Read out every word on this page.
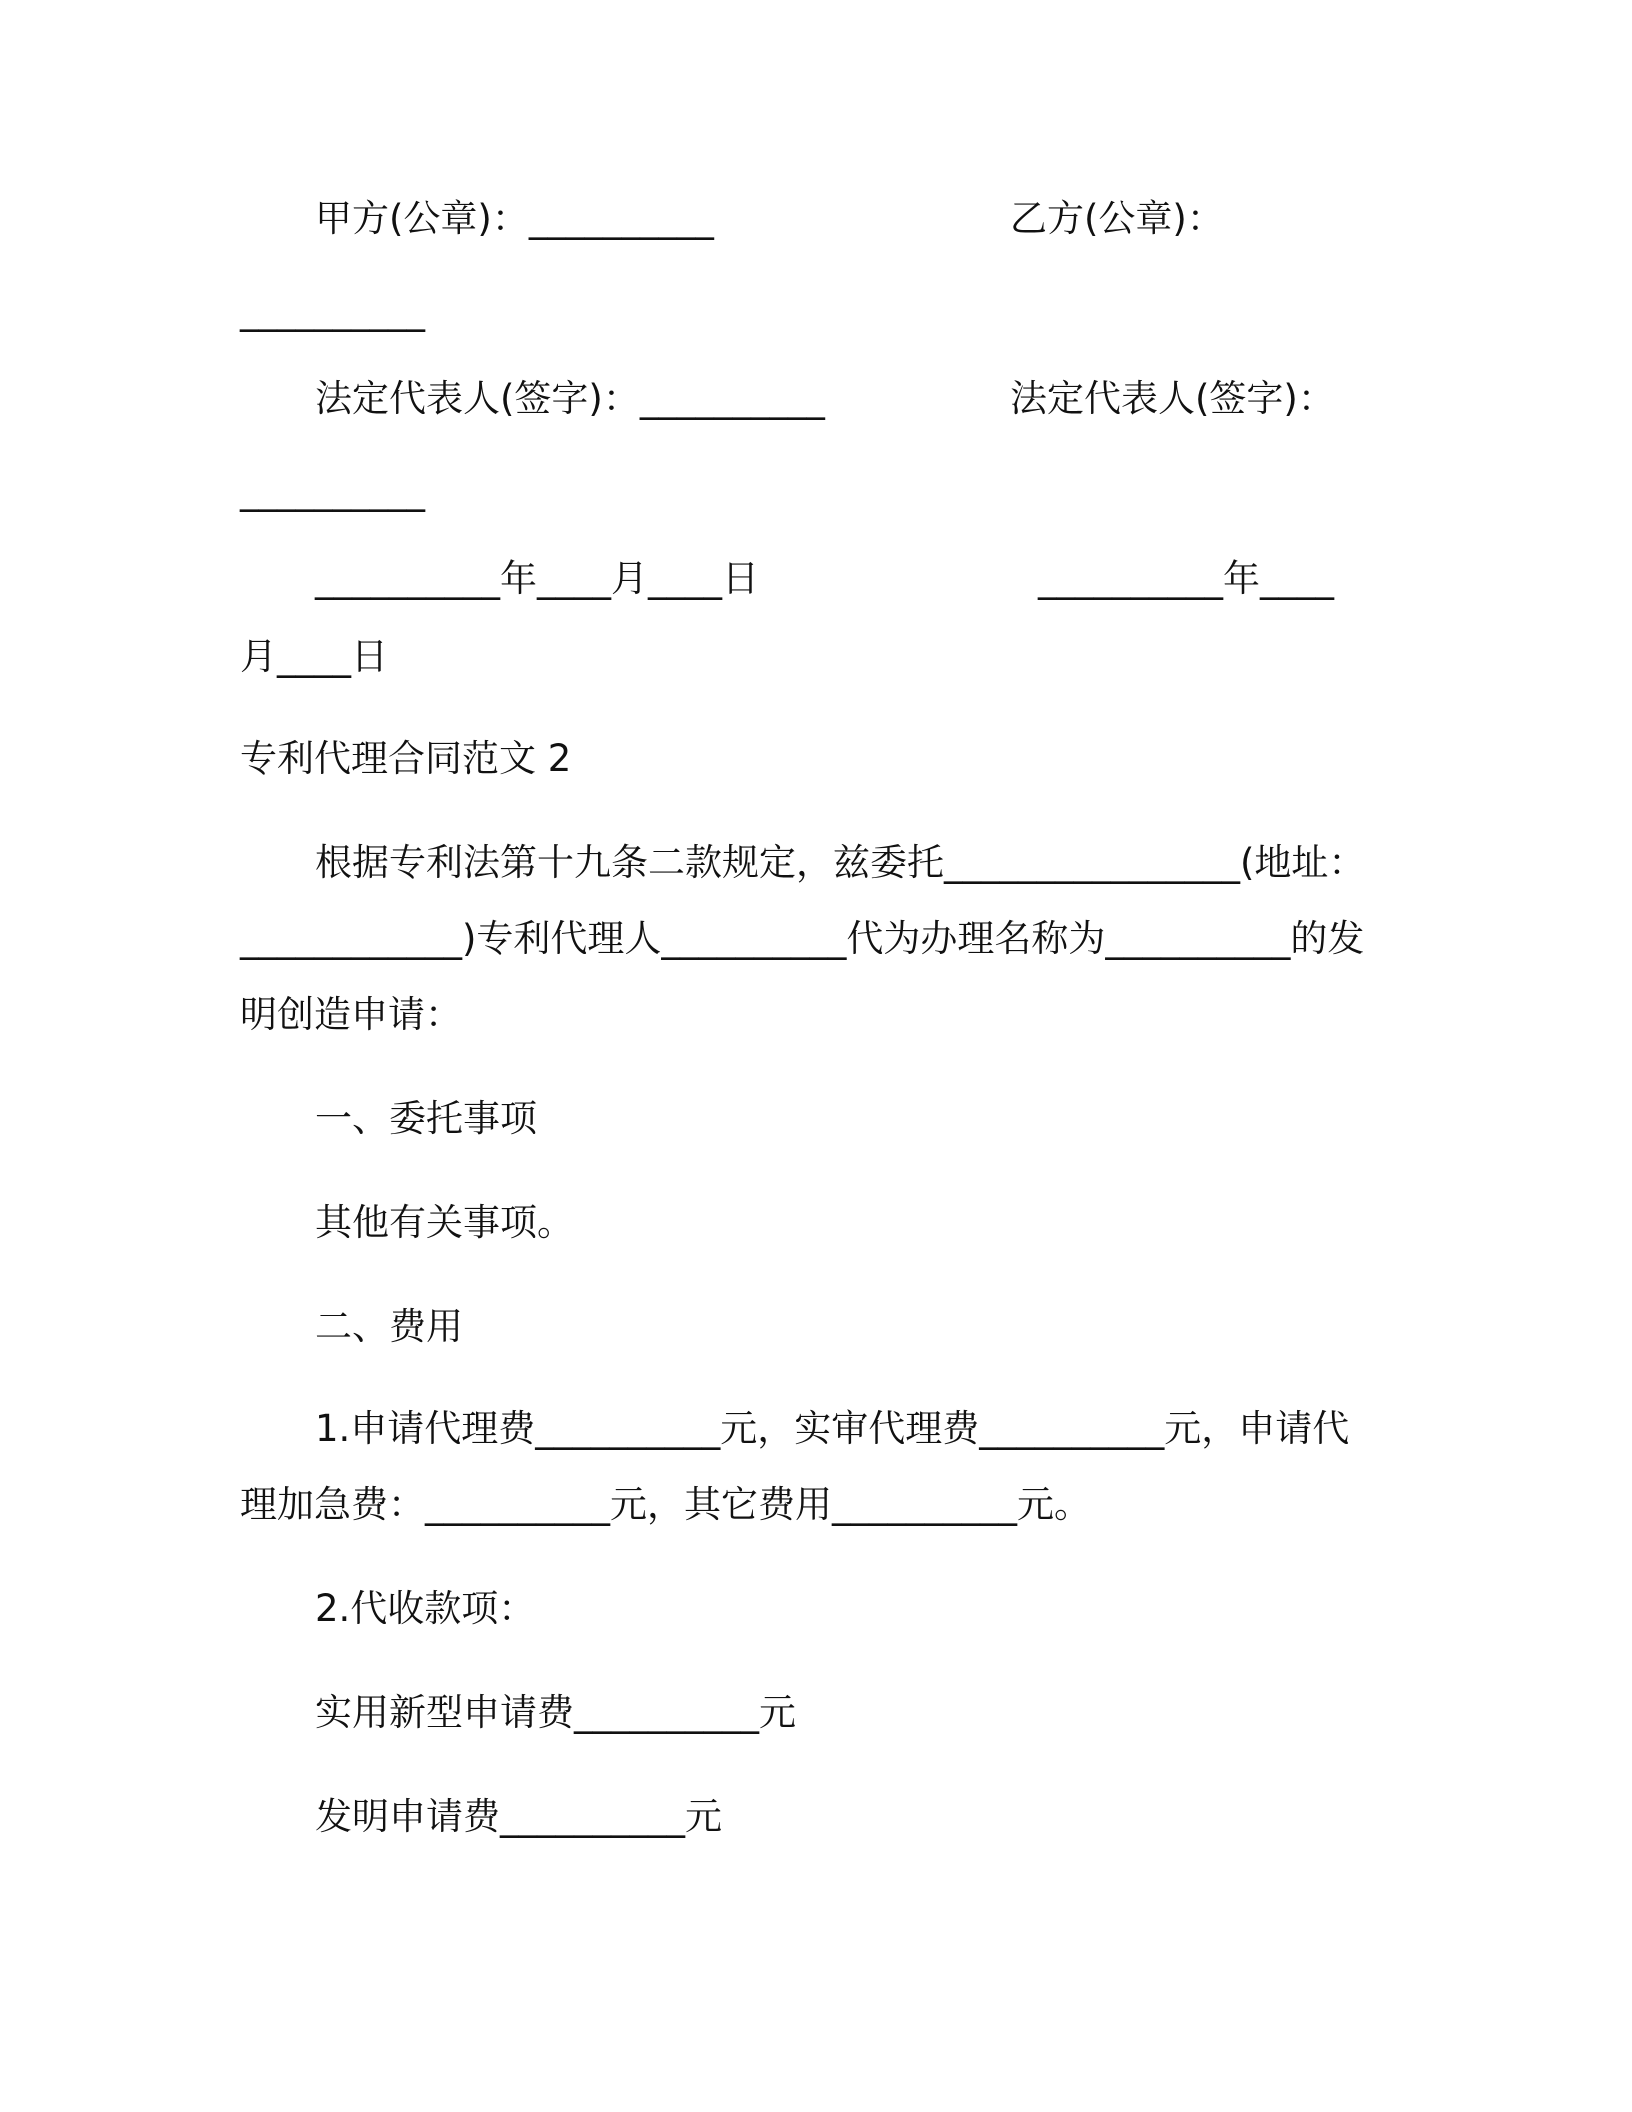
甲方(公章)：__________	乙方(公章)：
__________
法定代表人(签字)：__________	法定代表人(签字)：
__________
__________年____月____日	__________年____
月____日
专利代理合同范文 2
根据专利法第十九条二款规定，兹委托________________(地址：
____________)专利代理人__________代为办理名称为__________的发
明创造申请：
一、委托事项
其他有关事项。
二、费用
1.申请代理费__________元，实审代理费__________元，申请代
理加急费：__________元，其它费用__________元。
2.代收款项：
实用新型申请费__________元
发明申请费__________元
